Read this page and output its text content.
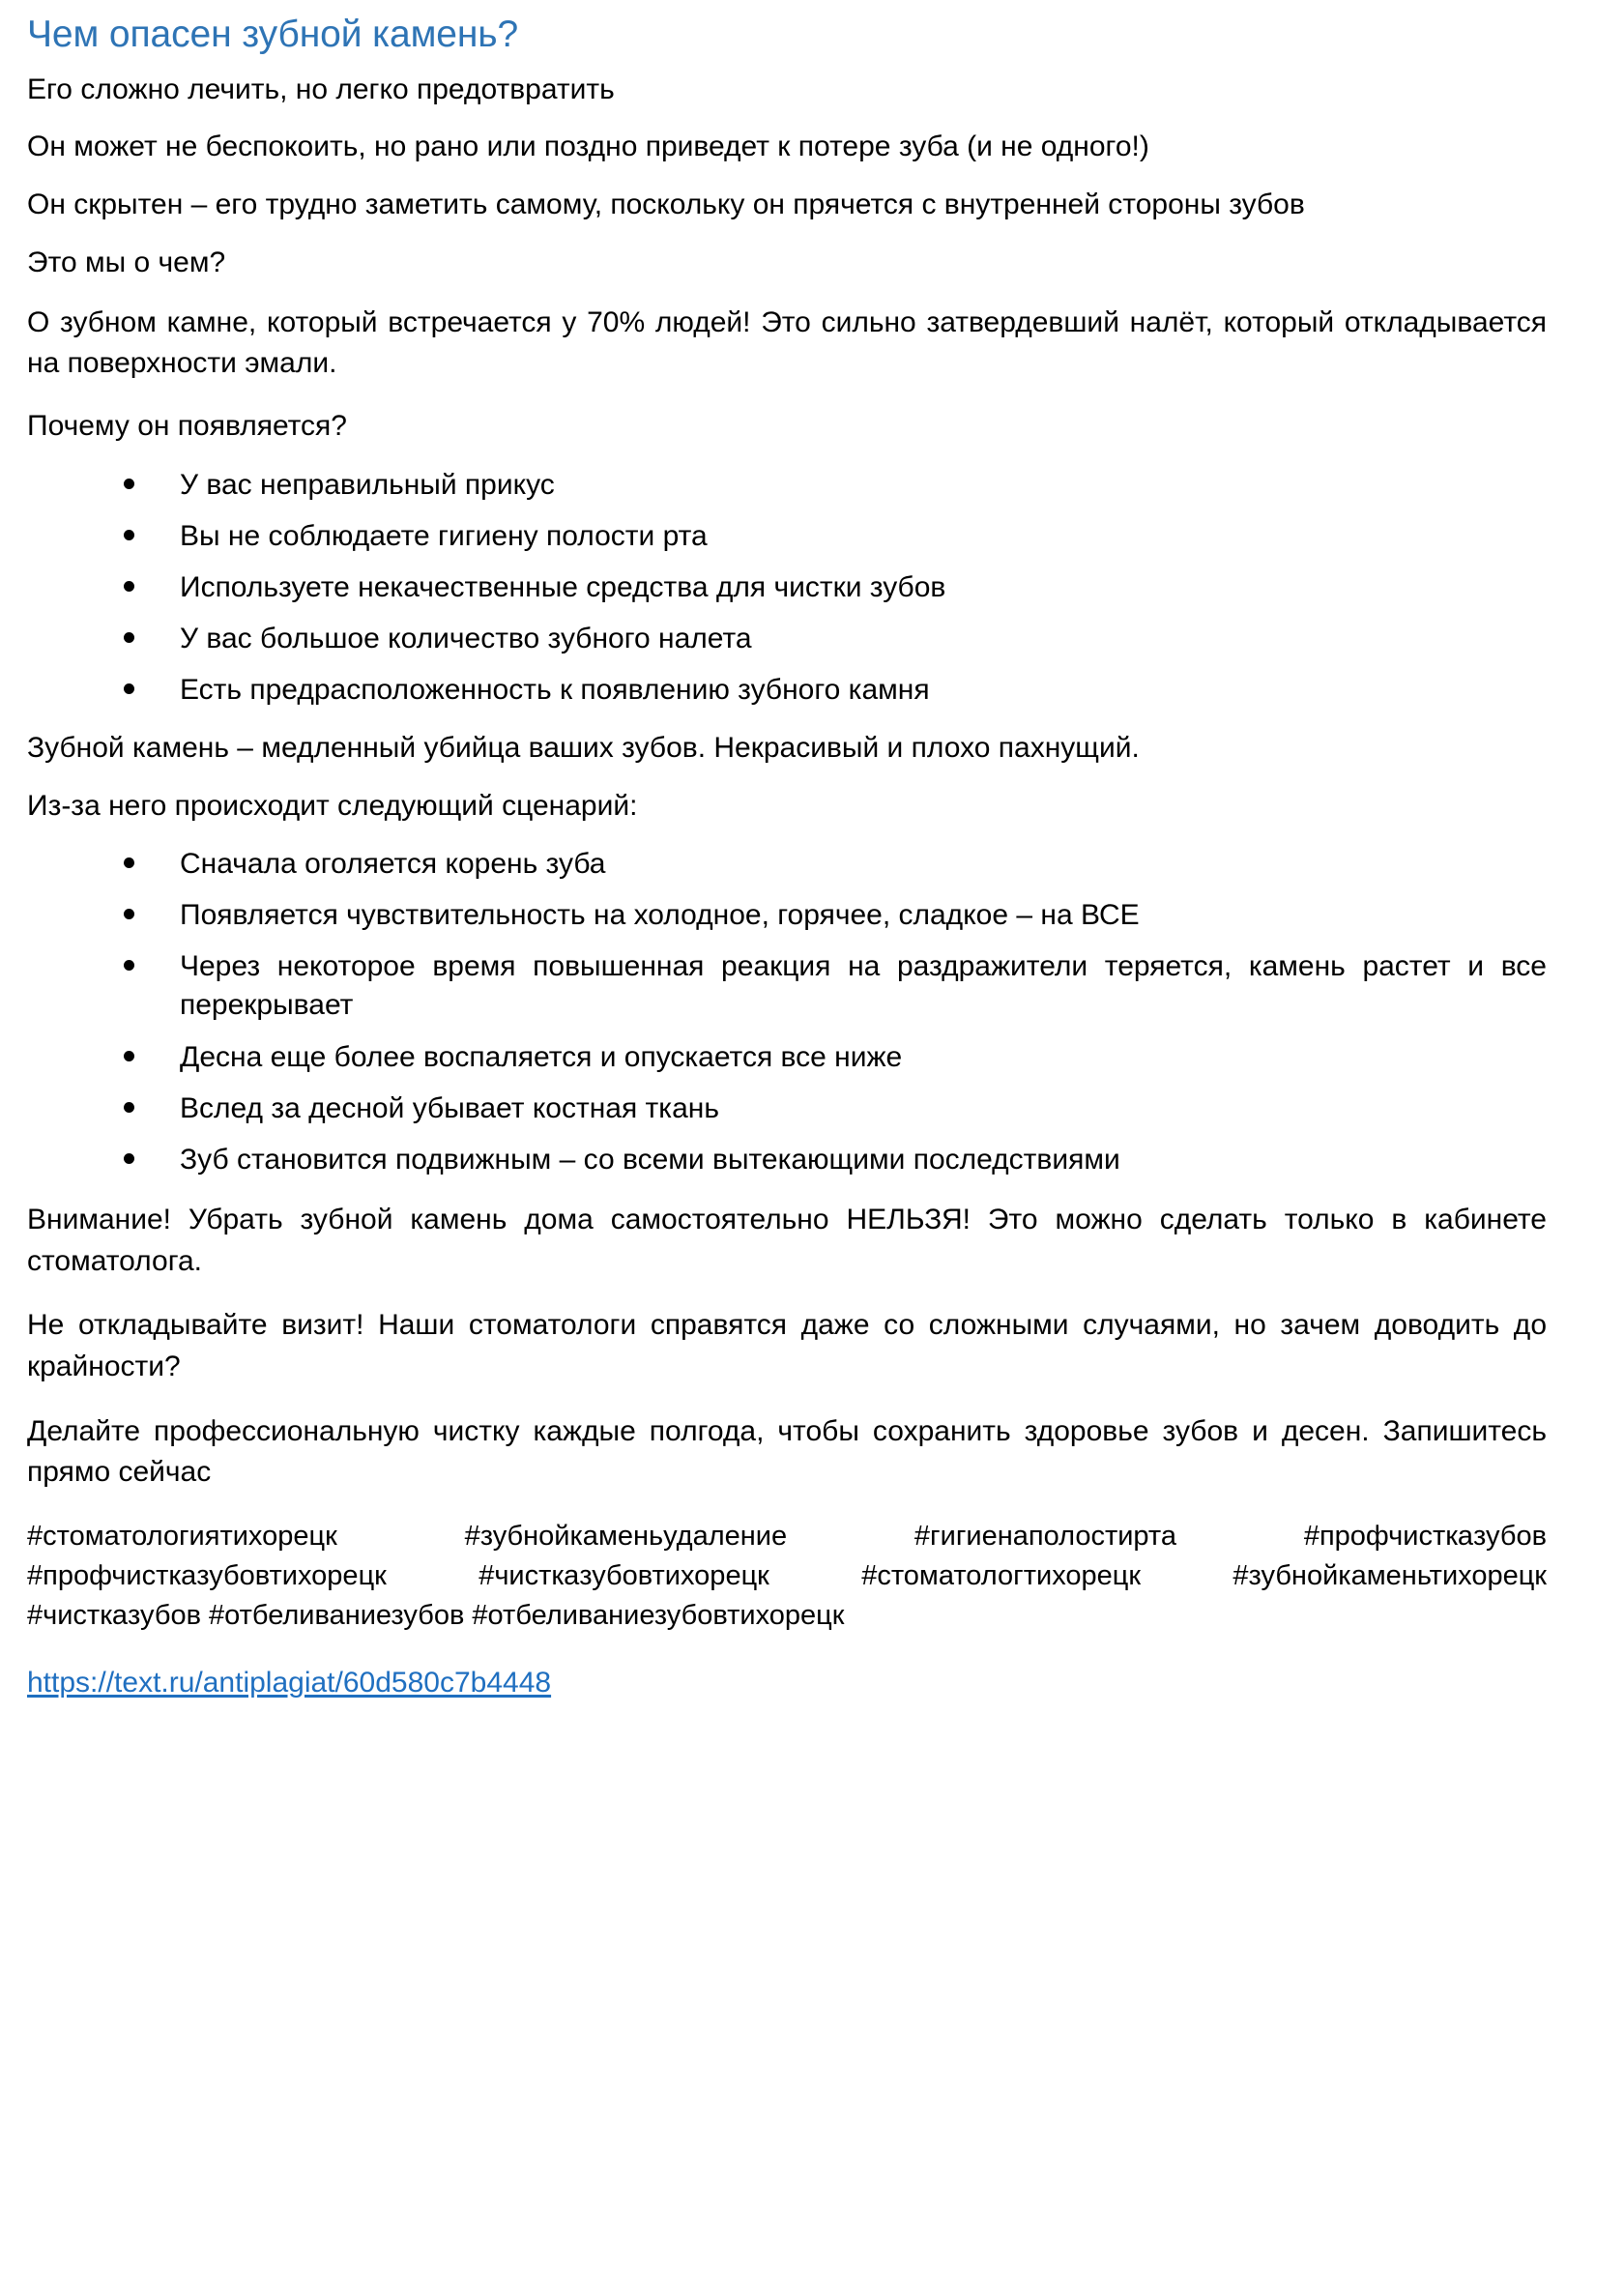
Чем опасен зубной камень?

Его сложно лечить, но легко предотвратить

Он может не беспокоить, но рано или поздно приведет к потере зуба (и не одного!)

Он скрытен – его трудно заметить самому, поскольку он прячется с внутренней стороны зубов

Это мы о чем?

О зубном камне, который встречается у 70% людей! Это сильно затвердевший налёт, который откладывается на поверхности эмали.

Почему он появляется?

У вас неправильный прикус
Вы не соблюдаете гигиену полости рта
Используете некачественные средства для чистки зубов
У вас большое количество зубного налета
Есть предрасположенность к появлению зубного камня

Зубной камень – медленный убийца ваших зубов. Некрасивый и плохо пахнущий.

Из-за него происходит следующий сценарий:

Сначала оголяется корень зуба
Появляется чувствительность на холодное, горячее, сладкое – на ВСЕ
Через некоторое время повышенная реакция на раздражители теряется, камень растет и все перекрывает
Десна еще более воспаляется и опускается все ниже
Вслед за десной убывает костная ткань
Зуб становится подвижным – со всеми вытекающими последствиями

Внимание! Убрать зубной камень дома самостоятельно НЕЛЬЗЯ! Это можно сделать только в кабинете стоматолога.

Не откладывайте визит! Наши стоматологи справятся даже со сложными случаями, но зачем доводить до крайности?

Делайте профессиональную чистку каждые полгода, чтобы сохранить здоровье зубов и десен. Запишитесь прямо сейчас

#стоматологиятихорецк #зубнойкаменьудаление #гигиенаполостирта #профчисткaзубов
#профчисткaзубовтихорецк #чисткaзубовтихорецк #стоматологтихорецк #зубнойкаменьтихорецк
#чисткaзубов #отбеливаниезубов #отбеливаниезубовтихорецк

https://text.ru/antiplagiat/60d580c7b4448
